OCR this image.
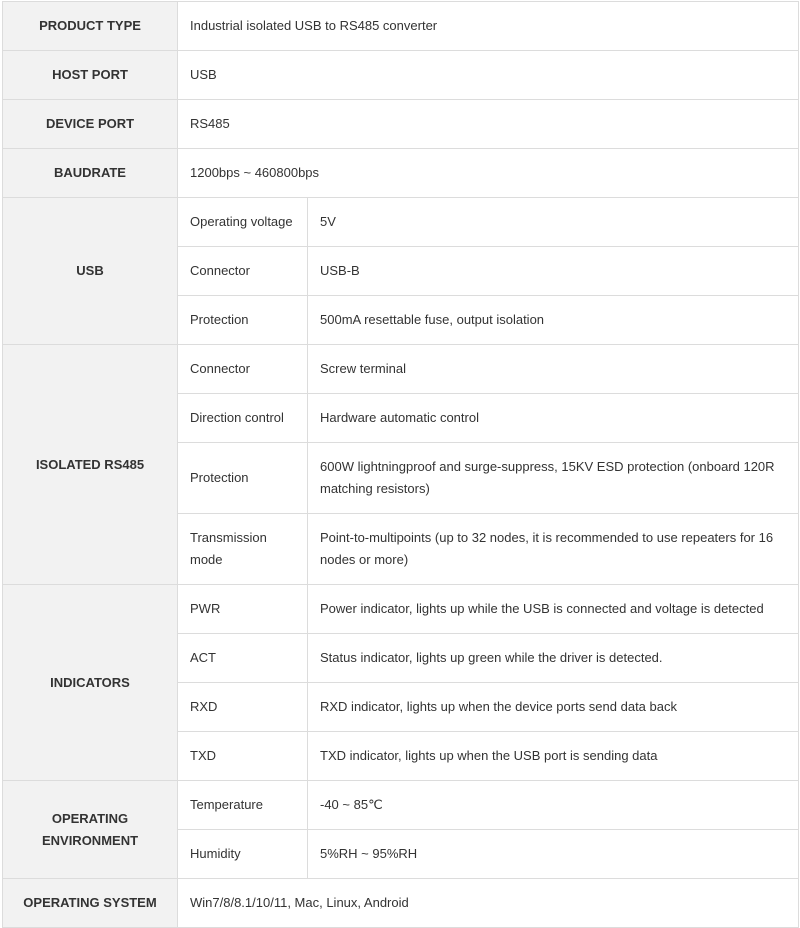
PRODUCT TYPE	Industrial isolated USB to RS485 converter	
HOST PORT	USB	
DEVICE PORT	RS485	
BAUDRATE	1200bps ~ 460800bps	
USB	Operating voltage	5V
	Connector	USB-B
	Protection	500mA resettable fuse, output isolation
ISOLATED RS485	Connector	Screw terminal
	Direction control	Hardware automatic control
	Protection	600W lightningproof and surge-suppress, 15KV ESD protection (onboard 120R matching resistors)
	Transmission mode	Point-to-multipoints (up to 32 nodes, it is recommended to use repeaters for 16 nodes or more)
INDICATORS	PWR	Power indicator, lights up while the USB is connected and voltage is detected
	ACT	Status indicator, lights up green while the driver is detected.
	RXD	RXD indicator, lights up when the device ports send data back
	TXD	TXD indicator, lights up when the USB port is sending data
OPERATING ENVIRONMENT	Temperature	-40 ~ 85℃
	Humidity	5%RH ~ 95%RH
OPERATING SYSTEM	Win7/8/8.1/10/11, Mac, Linux, Android	
